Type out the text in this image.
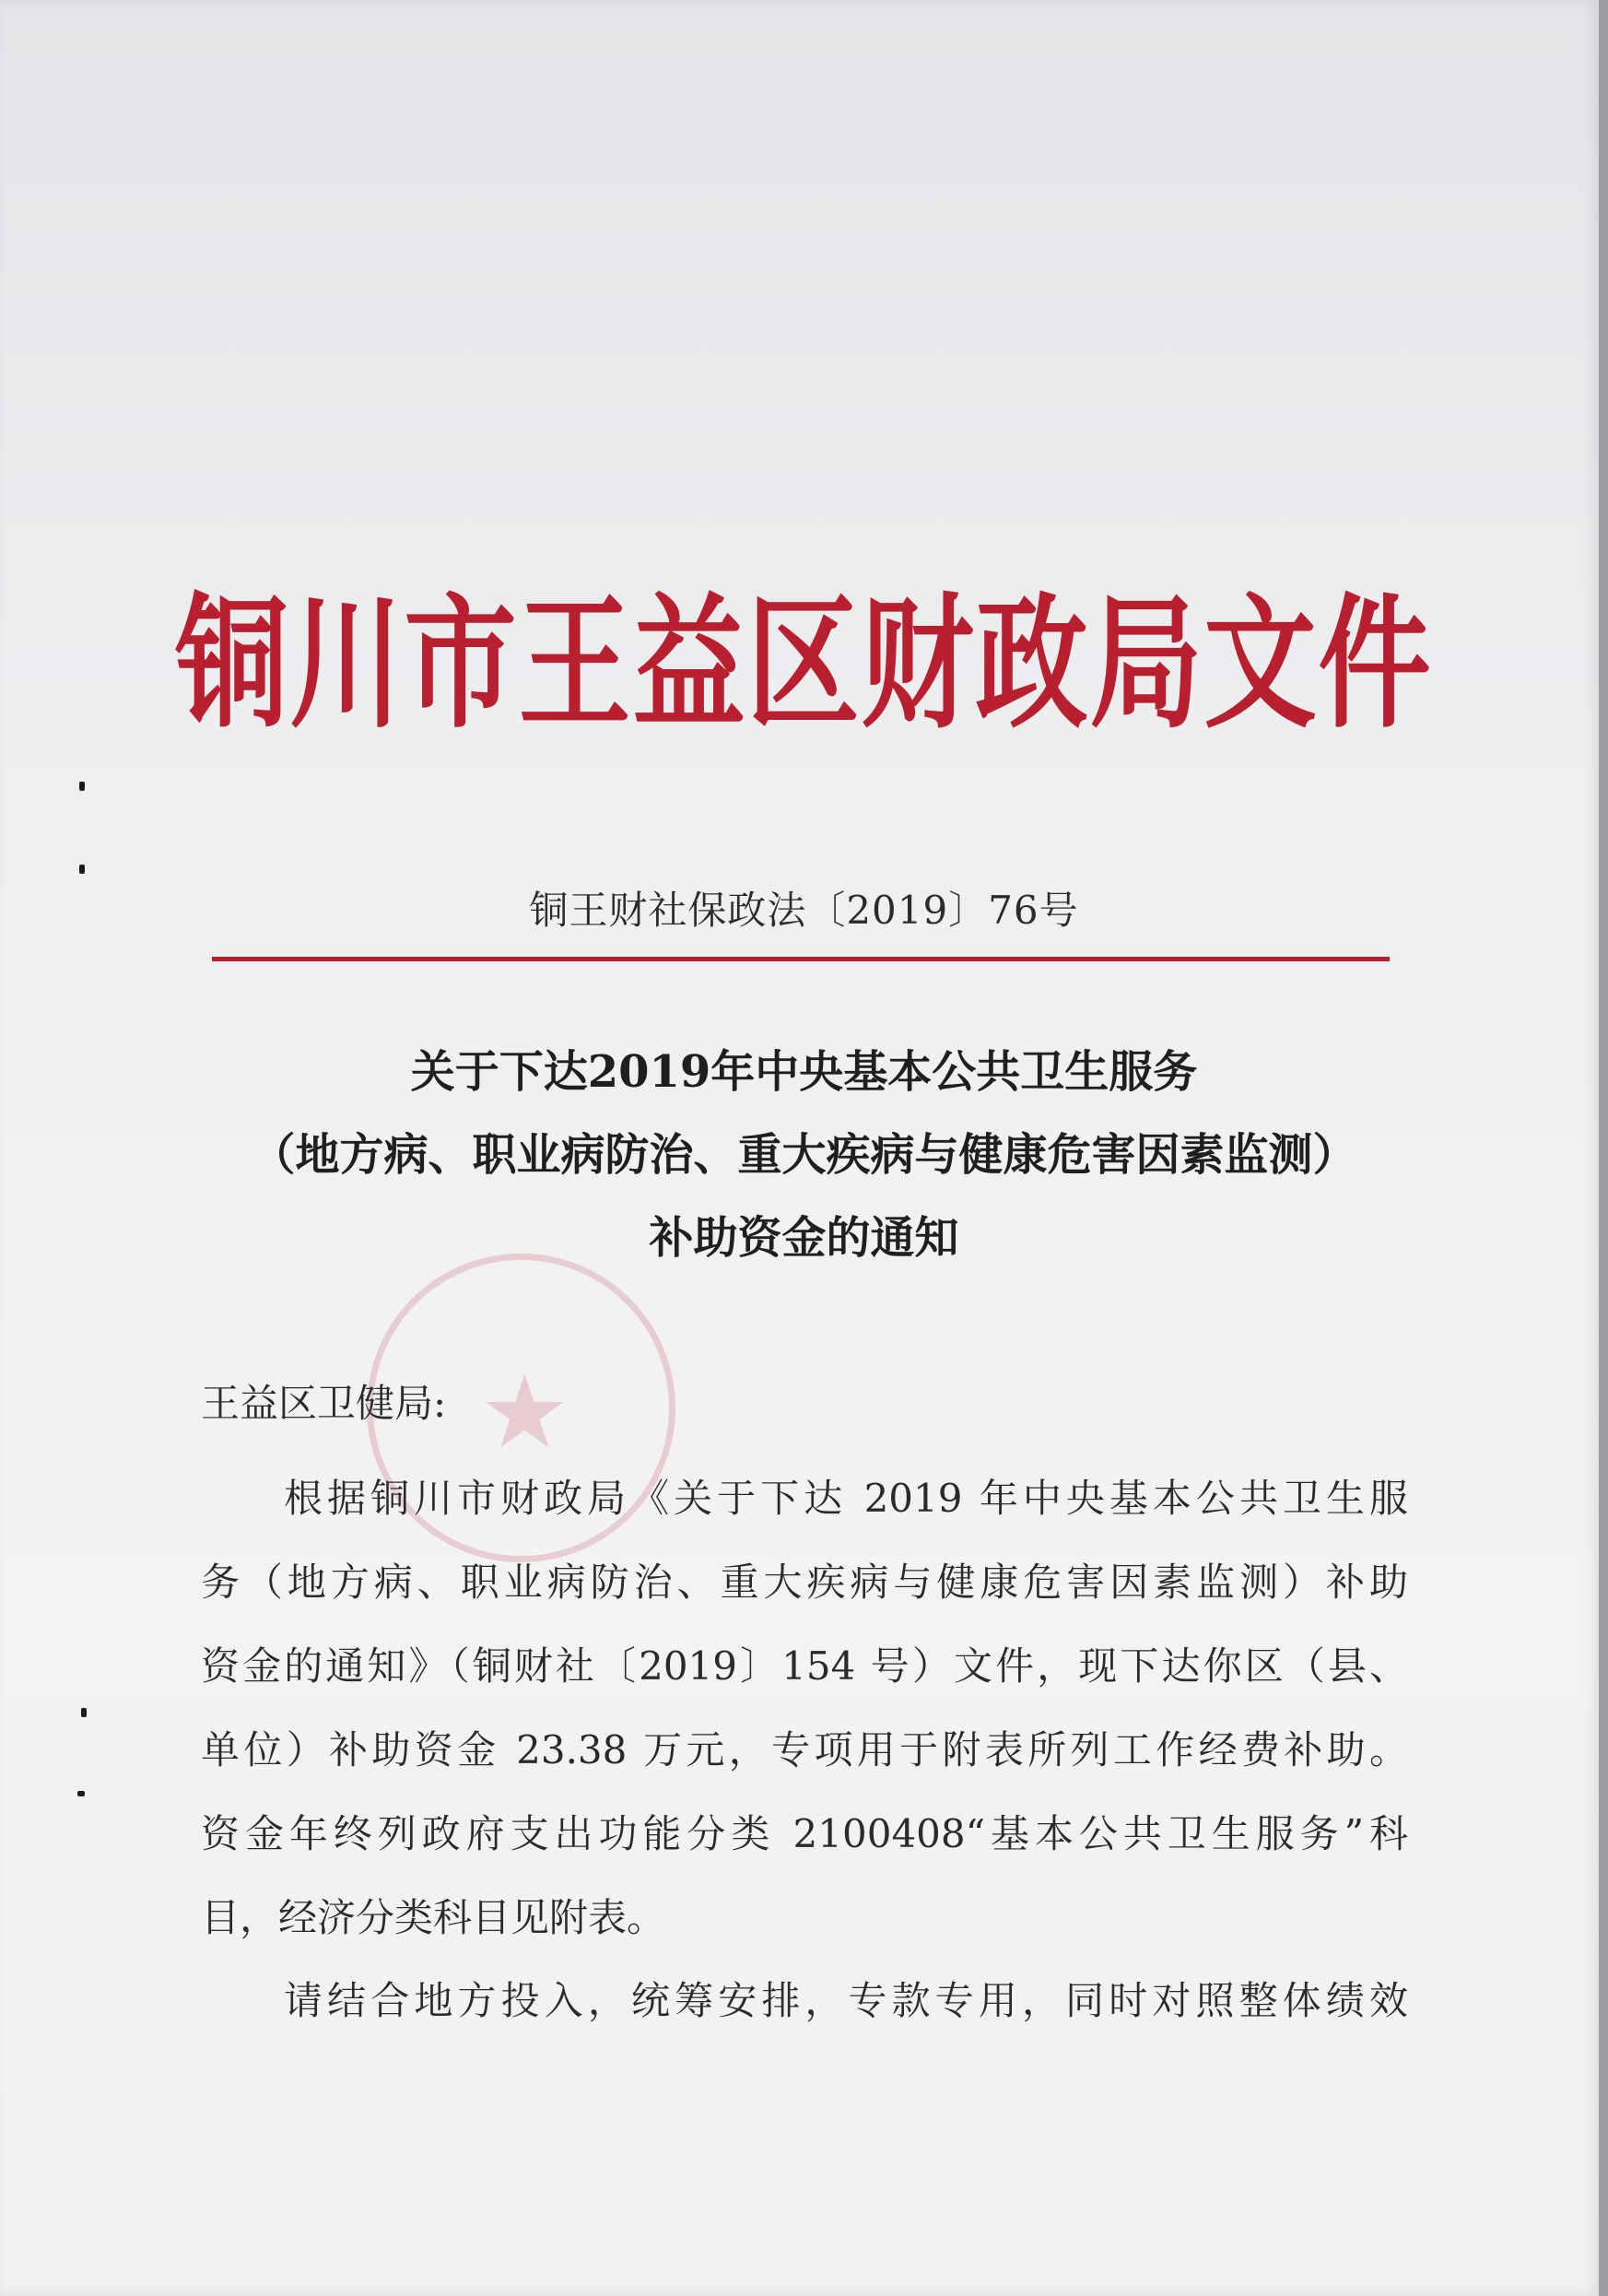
铜川市王益区财政局文件
铜王财社保政法〔2019〕76号
关于下达2019年中央基本公共卫生服务
（地方病、职业病防治、重大疾病与健康危害因素监测）
补助资金的通知
★
王益区卫健局:
根据铜川市财政局《关于下达 2019 年中央基本公共卫生服
务（地方病、职业病防治、重大疾病与健康危害因素监测）补助
资金的通知》（铜财社〔2019〕154 号）文件，现下达你区（县、
单位）补助资金 23.38 万元，专项用于附表所列工作经费补助。
资金年终列政府支出功能分类 2100408“基本公共卫生服务”科
目，经济分类科目见附表。
请结合地方投入，统筹安排，专款专用，同时对照整体绩效
